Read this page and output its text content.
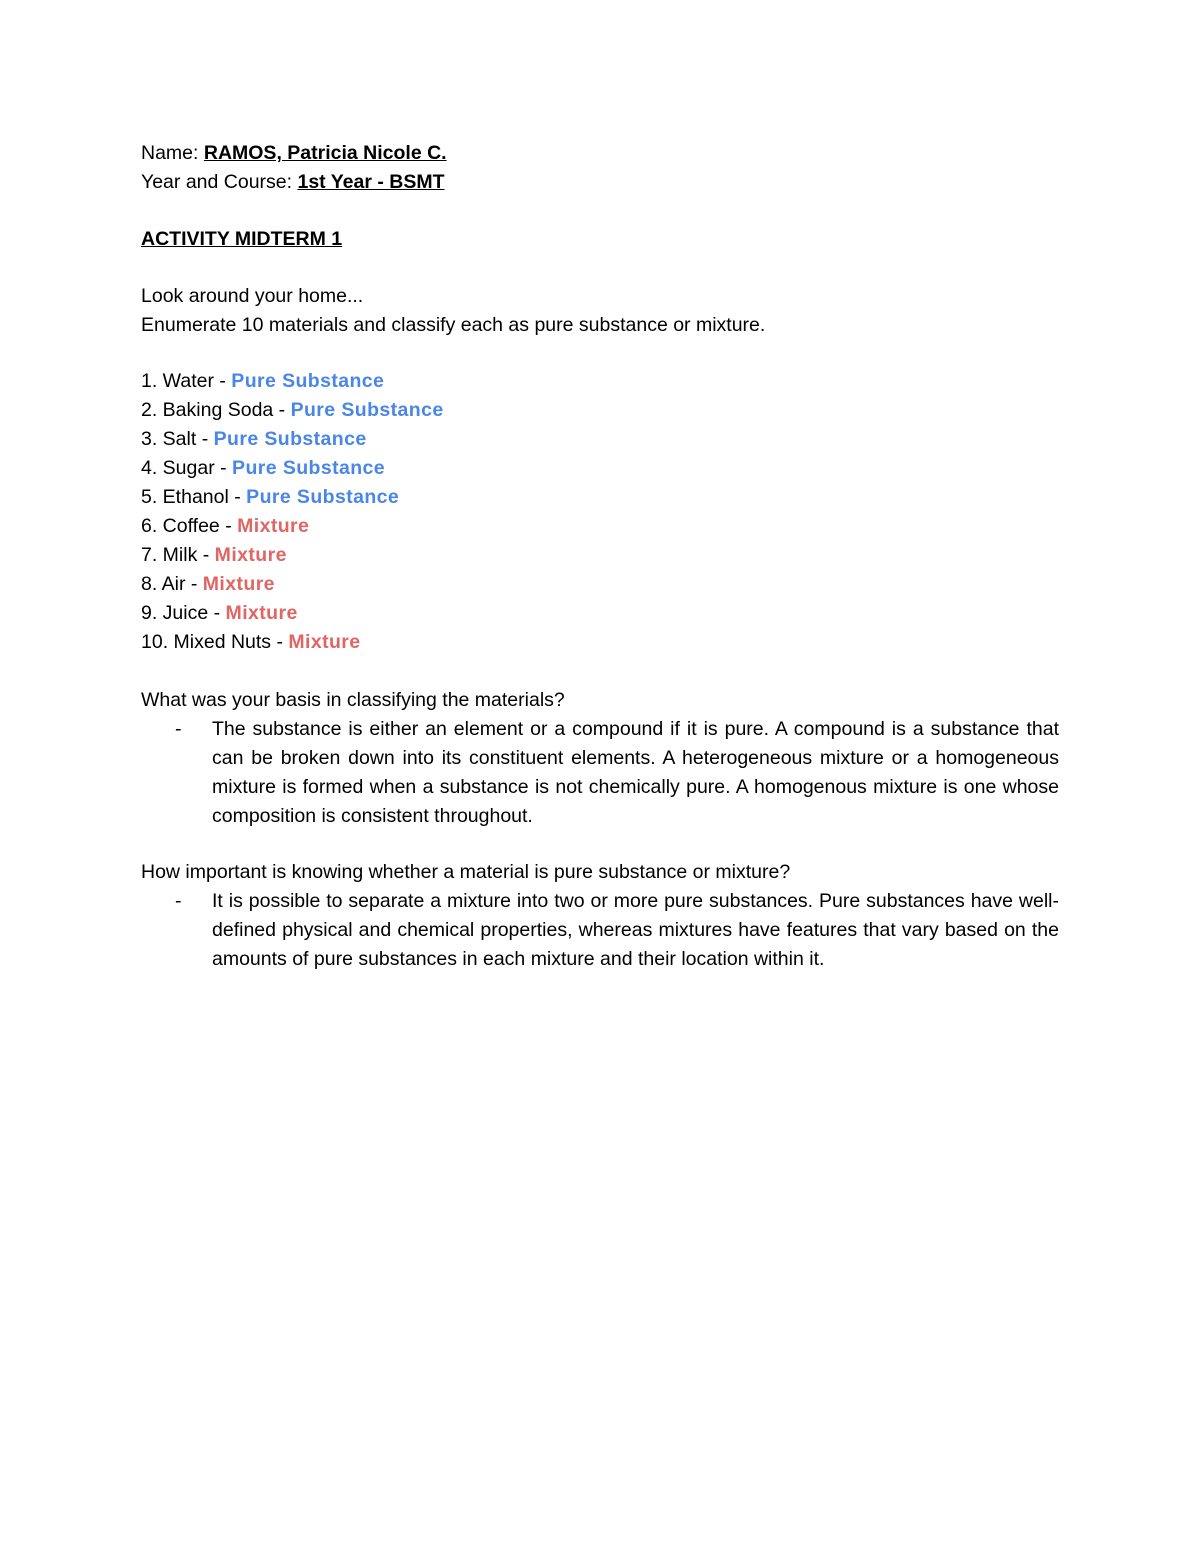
Name: RAMOS, Patricia Nicole C.
Year and Course: 1st Year - BSMT
ACTIVITY MIDTERM 1
Look around your home...
Enumerate 10 materials and classify each as pure substance or mixture.
1. Water - Pure Substance
2. Baking Soda - Pure Substance
3. Salt - Pure Substance
4. Sugar - Pure Substance
5. Ethanol - Pure Substance
6. Coffee - Mixture
7. Milk - Mixture
8. Air - Mixture
9. Juice - Mixture
10. Mixed Nuts - Mixture
What was your basis in classifying the materials?
-	The substance is either an element or a compound if it is pure. A compound is a substance that can be broken down into its constituent elements. A heterogeneous mixture or a homogeneous mixture is formed when a substance is not chemically pure. A homogenous mixture is one whose composition is consistent throughout.
How important is knowing whether a material is pure substance or mixture?
-	It is possible to separate a mixture into two or more pure substances. Pure substances have well-defined physical and chemical properties, whereas mixtures have features that vary based on the amounts of pure substances in each mixture and their location within it.
